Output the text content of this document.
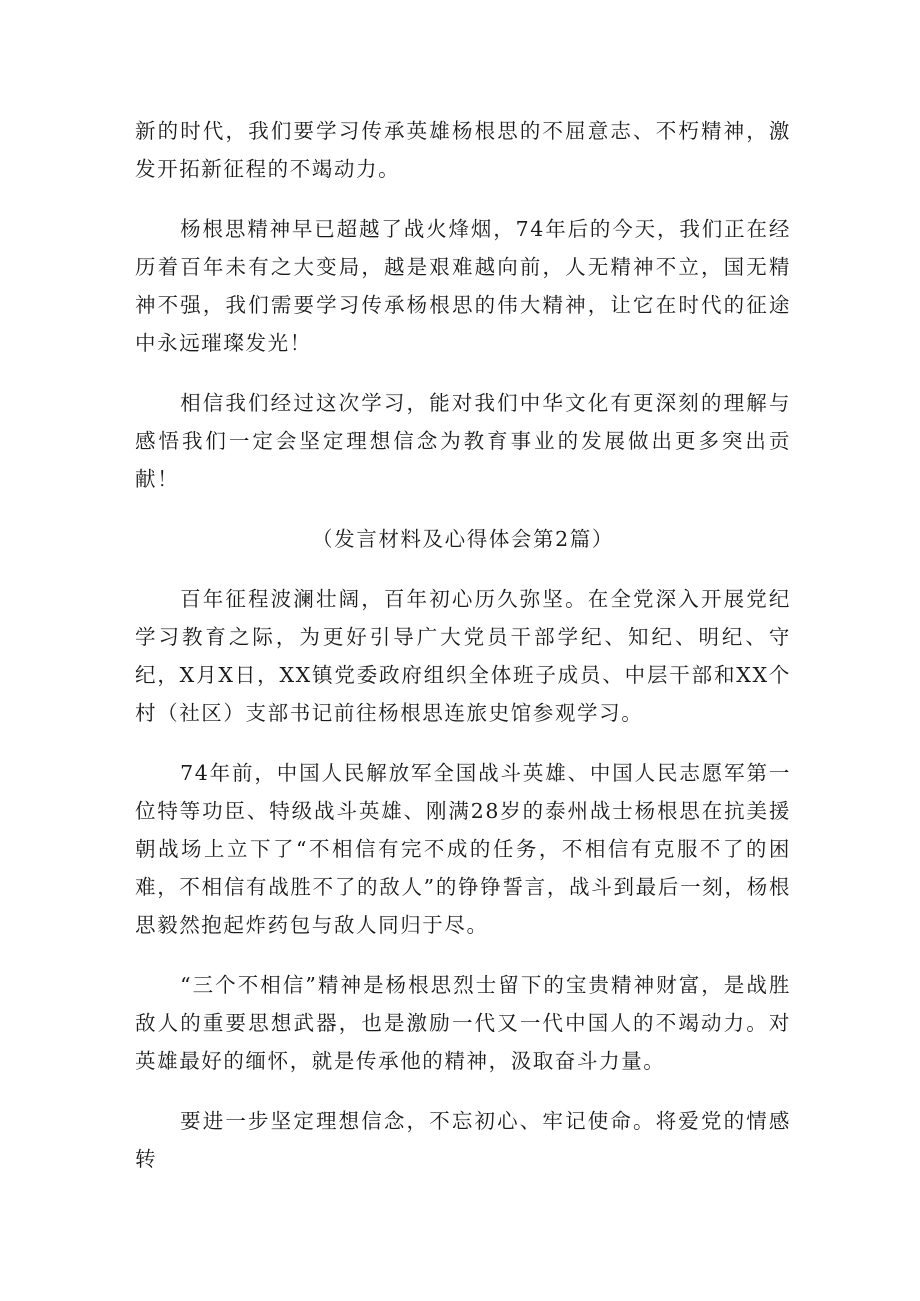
新的时代，我们要学习传承英雄杨根思的不屈意志、不朽精神，激发开拓新征程的不竭动力。

杨根思精神早已超越了战火烽烟，74年后的今天，我们正在经历着百年未有之大变局，越是艰难越向前，人无精神不立，国无精神不强，我们需要学习传承杨根思的伟大精神，让它在时代的征途中永远璀璨发光！

相信我们经过这次学习，能对我们中华文化有更深刻的理解与感悟我们一定会坚定理想信念为教育事业的发展做出更多突出贡献！

（发言材料及心得体会第2篇）

百年征程波澜壮阔，百年初心历久弥坚。在全党深入开展党纪学习教育之际，为更好引导广大党员干部学纪、知纪、明纪、守纪，X月X日，XX镇党委政府组织全体班子成员、中层干部和XX个村（社区）支部书记前往杨根思连旅史馆参观学习。

74年前，中国人民解放军全国战斗英雄、中国人民志愿军第一位特等功臣、特级战斗英雄、刚满28岁的泰州战士杨根思在抗美援朝战场上立下了“不相信有完不成的任务，不相信有克服不了的困难，不相信有战胜不了的敌人”的铮铮誓言，战斗到最后一刻，杨根思毅然抱起炸药包与敌人同归于尽。

“三个不相信”精神是杨根思烈士留下的宝贵精神财富，是战胜敌人的重要思想武器，也是激励一代又一代中国人的不竭动力。对英雄最好的缅怀，就是传承他的精神，汲取奋斗力量。

要进一步坚定理想信念，不忘初心、牢记使命。将爱党的情感转
